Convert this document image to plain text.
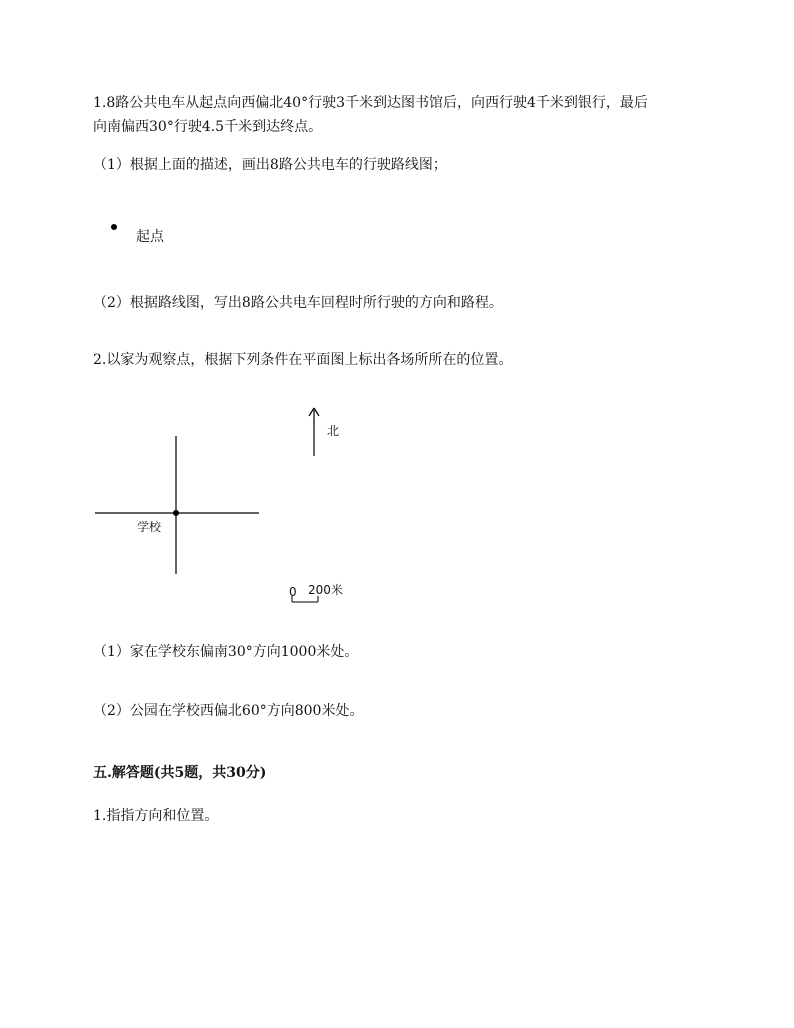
1.8路公共电车从起点向西偏北40°行驶3千米到达图书馆后，向西行驶4千米到银行，最后
向南偏西30°行驶4.5千米到达终点。
（1）根据上面的描述，画出8路公共电车的行驶路线图；
起点
（2）根据路线图，写出8路公共电车回程时所行驶的方向和路程。
2.以家为观察点，根据下列条件在平面图上标出各场所所在的位置。
北
学校
0 200米
（1）家在学校东偏南30°方向1000米处。
（2）公园在学校西偏北60°方向800米处。
五.解答题(共5题，共30分)
1.指指方向和位置。
